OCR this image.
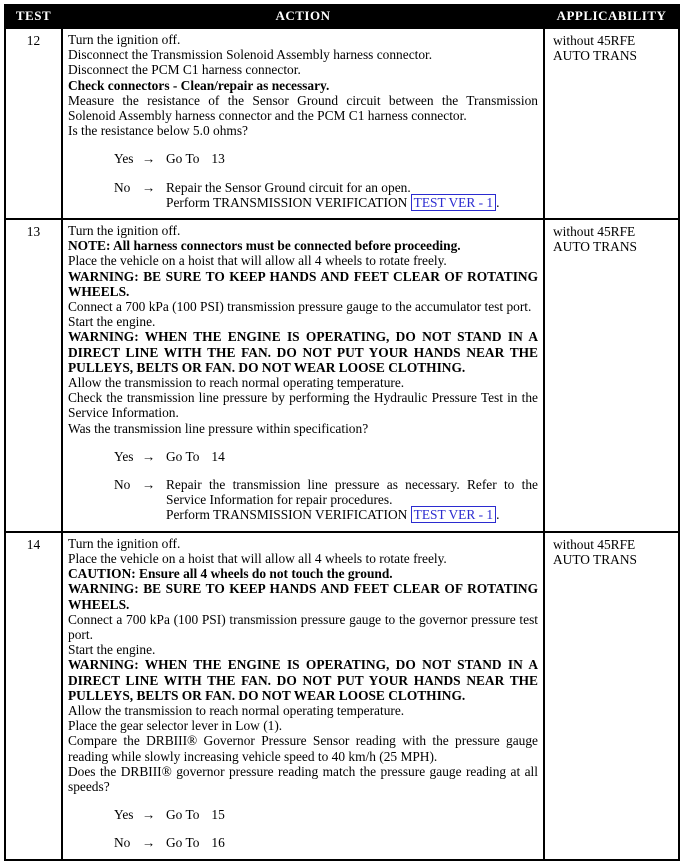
TEST	ACTION	APPLICABILITY

12	Turn the ignition off.
Disconnect the Transmission Solenoid Assembly harness connector.
Disconnect the PCM C1 harness connector.
Check connectors - Clean/repair as necessary.
Measure the resistance of the Sensor Ground circuit between the Transmission Solenoid Assembly harness connector and the PCM C1 harness connector.
Is the resistance below 5.0 ohms?
Yes → Go To 13
No → Repair the Sensor Ground circuit for an open.
Perform TRANSMISSION VERIFICATION TEST VER - 1 .

without 45RFE
AUTO TRANS

13	Turn the ignition off.
NOTE: All harness connectors must be connected before proceeding.
Place the vehicle on a hoist that will allow all 4 wheels to rotate freely.
WARNING: BE SURE TO KEEP HANDS AND FEET CLEAR OF ROTATING WHEELS.
Connect a 700 kPa (100 PSI) transmission pressure gauge to the accumulator test port.
Start the engine.
WARNING: WHEN THE ENGINE IS OPERATING, DO NOT STAND IN A DIRECT LINE WITH THE FAN. DO NOT PUT YOUR HANDS NEAR THE PULLEYS, BELTS OR FAN. DO NOT WEAR LOOSE CLOTHING.
Allow the transmission to reach normal operating temperature.
Check the transmission line pressure by performing the Hydraulic Pressure Test in the Service Information.
Was the transmission line pressure within specification?
Yes → Go To 14
No → Repair the transmission line pressure as necessary. Refer to the Service Information for repair procedures.
Perform TRANSMISSION VERIFICATION TEST VER - 1 .

without 45RFE
AUTO TRANS

14	Turn the ignition off.
Place the vehicle on a hoist that will allow all 4 wheels to rotate freely.
CAUTION: Ensure all 4 wheels do not touch the ground.
WARNING: BE SURE TO KEEP HANDS AND FEET CLEAR OF ROTATING WHEELS.
Connect a 700 kPa (100 PSI) transmission pressure gauge to the governor pressure test port.
Start the engine.
WARNING: WHEN THE ENGINE IS OPERATING, DO NOT STAND IN A DIRECT LINE WITH THE FAN. DO NOT PUT YOUR HANDS NEAR THE PULLEYS, BELTS OR FAN. DO NOT WEAR LOOSE CLOTHING.
Allow the transmission to reach normal operating temperature.
Place the gear selector lever in Low (1).
Compare the DRBIII® Governor Pressure Sensor reading with the pressure gauge reading while slowly increasing vehicle speed to 40 km/h (25 MPH).
Does the DRBIII® governor pressure reading match the pressure gauge reading at all speeds?
Yes → Go To 15
No → Go To 16

without 45RFE
AUTO TRANS
